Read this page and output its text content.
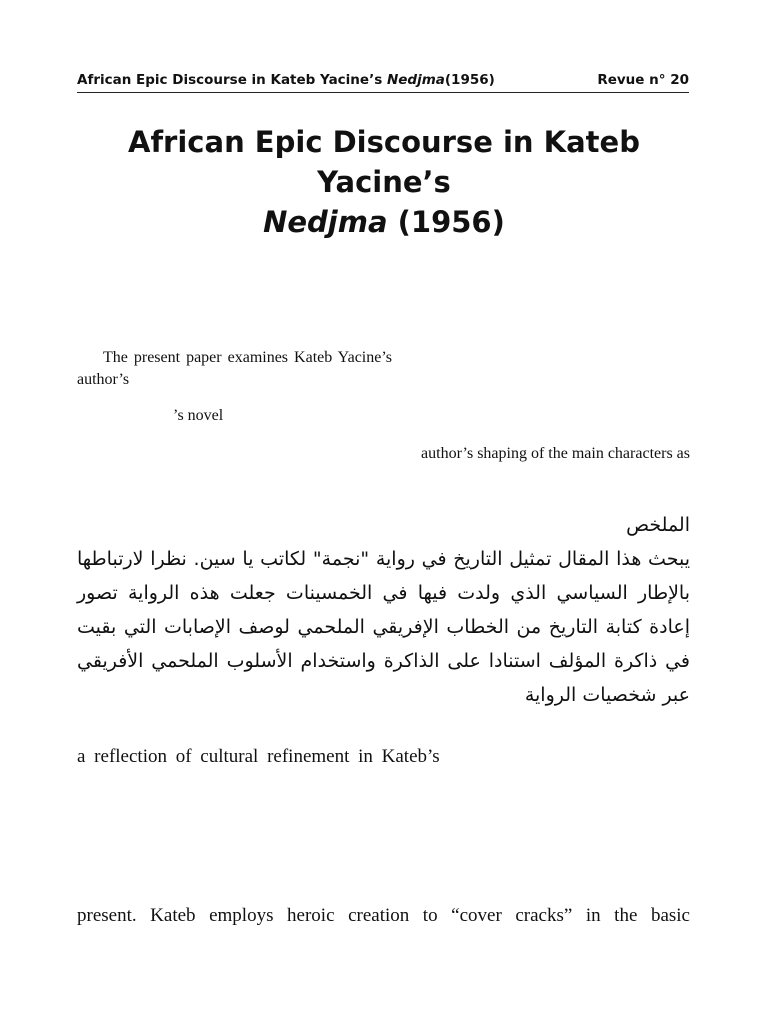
African Epic Discourse in Kateb Yacine’s Nedjma(1956)	Revue n° 20
African Epic Discourse in Kateb Yacine’s
Nedjma (1956)
The present paper examines Kateb Yacine’s
author’s
’s novel
author’s shaping of the main characters as
الملخص
يبحث هذا المقال تمثيل التاريخ في رواية "نجمة" لكاتب يا سين. نظرا لارتباطها بالإطار السياسي الذي ولدت فيها في الخمسينات جعلت هذه الرواية تصور إعادة كتابة التاريخ من الخطاب الإفريقي الملحمي لوصف الإصابات التي بقيت في ذاكرة المؤلف استنادا على الذاكرة واستخدام الأسلوب الملحمي الأفريقي عبر شخصيات الرواية
a reflection of cultural refinement in Kateb’s
present. Kateb employs heroic creation to “cover cracks” in the basic
